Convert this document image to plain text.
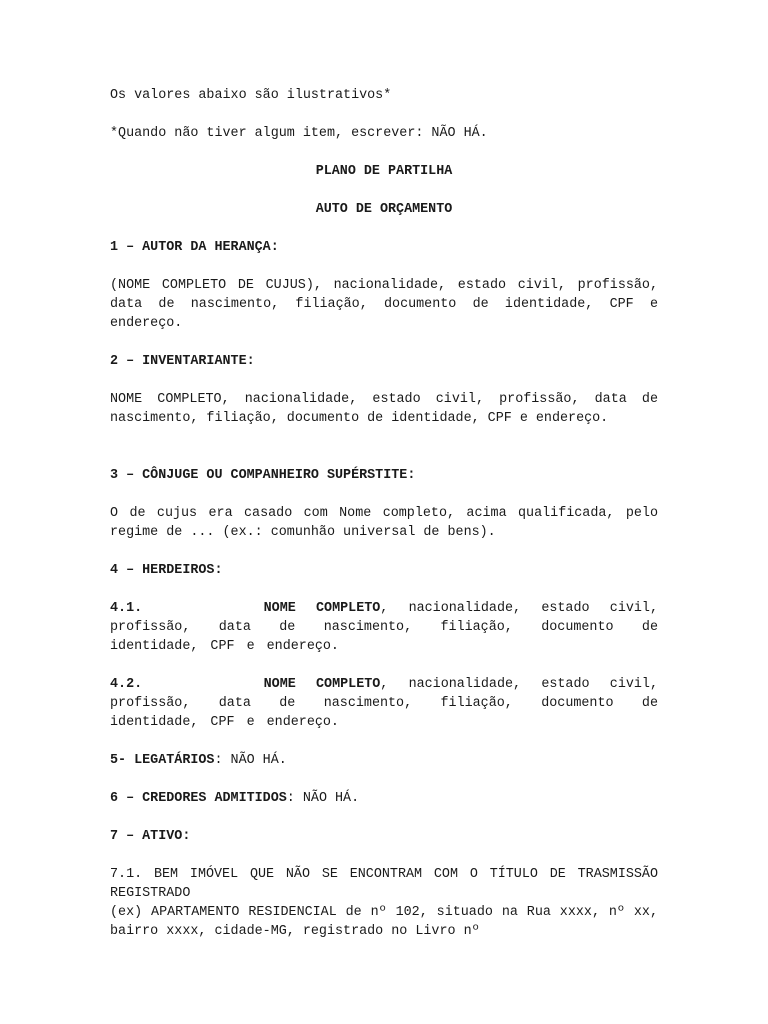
Os valores abaixo são ilustrativos*

*Quando não tiver algum item, escrever: NÃO HÁ.

PLANO DE PARTILHA

AUTO DE ORÇAMENTO

1 – AUTOR DA HERANÇA:

(NOME COMPLETO DE CUJUS), nacionalidade, estado civil, profissão, data de nascimento, filiação, documento de identidade, CPF e endereço.

2 – INVENTARIANTE:

NOME COMPLETO, nacionalidade, estado civil, profissão, data de nascimento, filiação, documento de identidade, CPF e endereço.

3 – CÔNJUGE OU COMPANHEIRO SUPÉRSTITE:

O de cujus era casado com Nome completo, acima qualificada, pelo regime de ... (ex.: comunhão universal de bens).

4 – HERDEIROS:

4.1.	NOME COMPLETO, nacionalidade, estado civil, profissão, data de nascimento, filiação, documento de identidade, CPF e endereço.

4.2.	NOME COMPLETO, nacionalidade, estado civil, profissão, data de nascimento, filiação, documento de identidade, CPF e endereço.

5- LEGATÁRIOS: NÃO HÁ.

6 – CREDORES ADMITIDOS: NÃO HÁ.

7 – ATIVO:

7.1. BEM IMÓVEL QUE NÃO SE ENCONTRAM COM O TÍTULO DE TRASMISSÃO REGISTRADO

(ex) APARTAMENTO RESIDENCIAL de nº 102, situado na Rua xxxx, nº xx, bairro xxxx, cidade-MG, registrado no Livro nº
